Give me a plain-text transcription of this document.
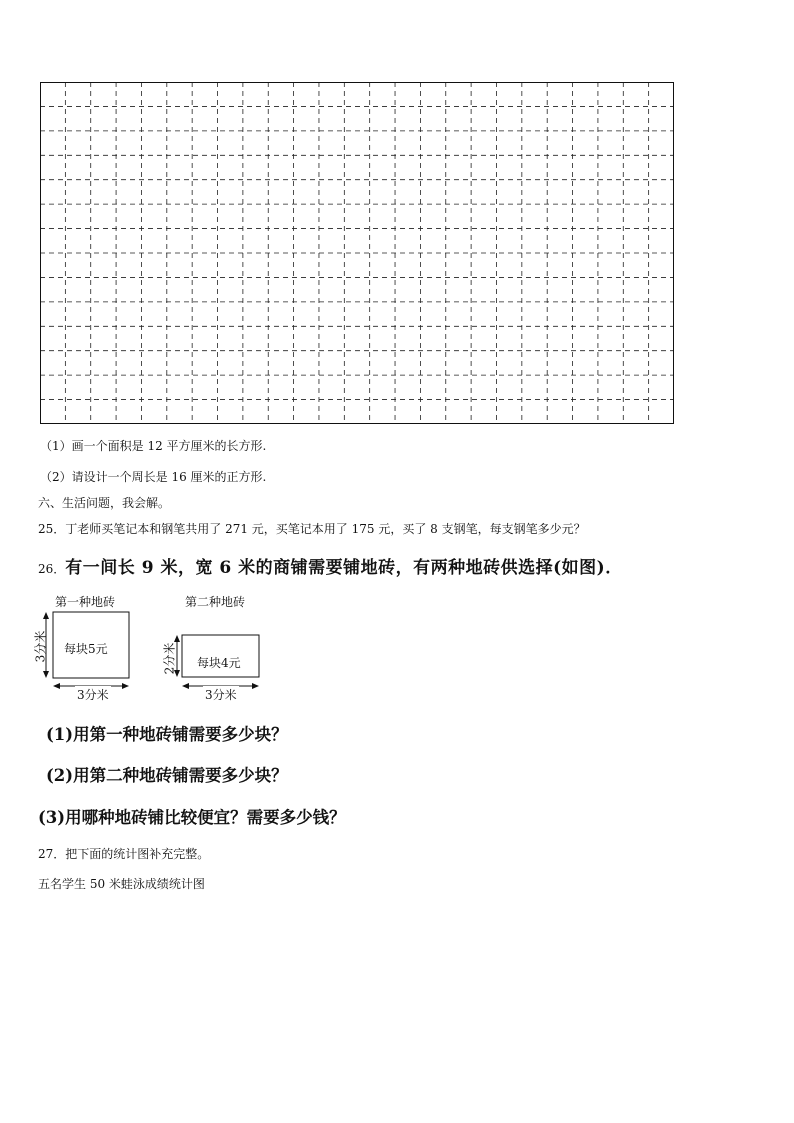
（1）画一个面积是 12 平方厘米的长方形.
（2）请设计一个周长是 16 厘米的正方形.
六、生活问题，我会解。
25．丁老师买笔记本和钢笔共用了 271 元，买笔记本用了 175 元，买了 8 支钢笔，每支钢笔多少元？
26．有一间长 9 米，宽 6 米的商铺需要铺地砖，有两种地砖供选择(如图)．
第一种地砖
每块5元
3分米
3分米
第二种地砖
每块4元
2分米
3分米
(1)用第一种地砖铺需要多少块？
(2)用第二种地砖铺需要多少块？
(3)用哪种地砖铺比较便宜？需要多少钱？
27．把下面的统计图补充完整。
五名学生 50 米蛙泳成绩统计图
